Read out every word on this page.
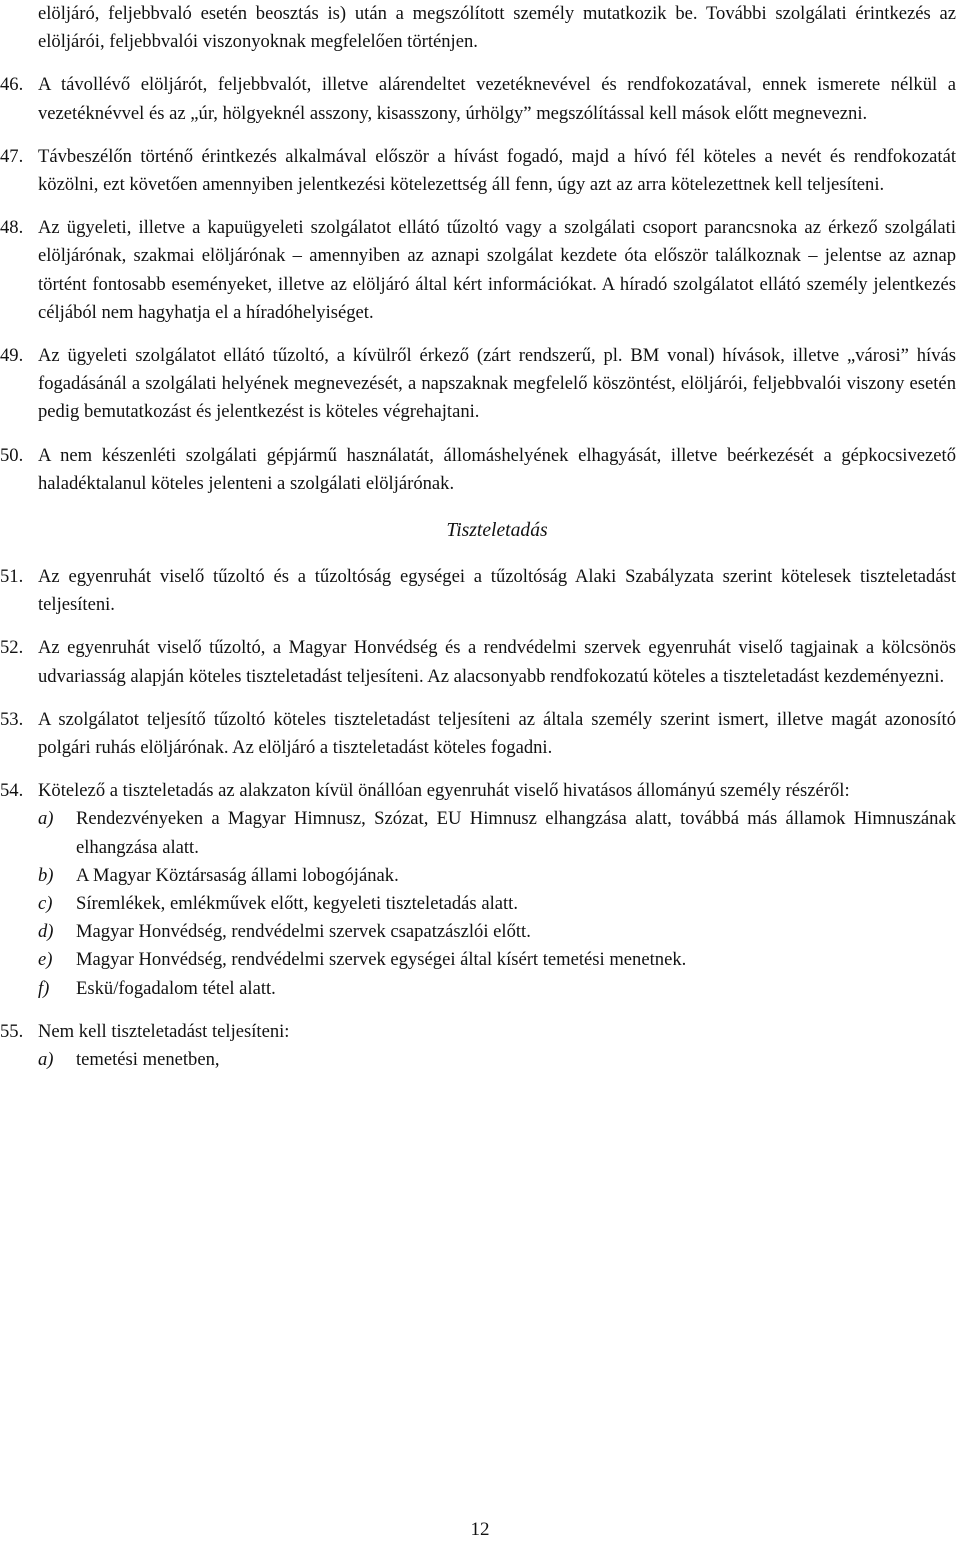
elöljáró, feljebbvaló esetén beosztás is) után a megszólított személy mutatkozik be. További szolgálati érintkezés az elöljárói, feljebbvalói viszonyoknak megfelelően történjen.

46. A távollévő elöljárót, feljebbvalót, illetve alárendeltet vezetéknevével és rendfokozatával, ennek ismerete nélkül a vezetéknévvel és az „úr, hölgyeknél asszony, kisasszony, úrhölgy” megszólítással kell mások előtt megnevezni.
47. Távbeszélőn történő érintkezés alkalmával először a hívást fogadó, majd a hívó fél köteles a nevét és rendfokozatát közölni, ezt követően amennyiben jelentkezési kötelezettség áll fenn, úgy azt az arra kötelezettnek kell teljesíteni.
48. Az ügyeleti, illetve a kapuügyeleti szolgálatot ellátó tűzoltó vagy a szolgálati csoport parancsnoka az érkező szolgálati elöljárónak, szakmai elöljárónak – amennyiben az aznapi szolgálat kezdete óta először találkoznak – jelentse az aznap történt fontosabb eseményeket, illetve az elöljáró által kért információkat. A híradó szolgálatot ellátó személy jelentkezés céljából nem hagyhatja el a híradóhelyiséget.
49. Az ügyeleti szolgálatot ellátó tűzoltó, a kívülről érkező (zárt rendszerű, pl. BM vonal) hívások, illetve „városi” hívás fogadásánál a szolgálati helyének megnevezését, a napszaknak megfelelő köszöntést, elöljárói, feljebbvalói viszony esetén pedig bemutatkozást és jelentkezést is köteles végrehajtani.
50. A nem készenléti szolgálati gépjármű használatát, állomáshelyének elhagyását, illetve beérkezését a gépkocsivezető haladéktalanul köteles jelenteni a szolgálati elöljárónak.
Tiszteletadás
51. Az egyenruhát viselő tűzoltó és a tűzoltóság egységei a tűzoltóság Alaki Szabályzata szerint kötelesek tiszteletadást teljesíteni.
52. Az egyenruhát viselő tűzoltó, a Magyar Honvédség és a rendvédelmi szervek egyenruhát viselő tagjainak a kölcsönös udvariasság alapján köteles tiszteletadást teljesíteni. Az alacsonyabb rendfokozatú köteles a tiszteletadást kezdeményezni.
53. A szolgálatot teljesítő tűzoltó köteles tiszteletadást teljesíteni az általa személy szerint ismert, illetve magát azonosító polgári ruhás elöljárónak. Az elöljáró a tiszteletadást köteles fogadni.
54. Kötelező a tiszteletadás az alakzaton kívül önállóan egyenruhát viselő hivatásos állományú személy részéről:
a) Rendezvényeken a Magyar Himnusz, Szózat, EU Himnusz elhangzása alatt, továbbá más államok Himnuszának elhangzása alatt.
b) A Magyar Köztársaság állami lobogójának.
c) Síremlékek, emlékművek előtt, kegyeleti tiszteletadás alatt.
d) Magyar Honvédség, rendvédelmi szervek csapatzászlói előtt.
e) Magyar Honvédség, rendvédelmi szervek egységei által kísért temetési menetnek.
f) Eskü/fogadalom tétel alatt.
55. Nem kell tiszteletadást teljesíteni:
a) temetési menetben,
12
